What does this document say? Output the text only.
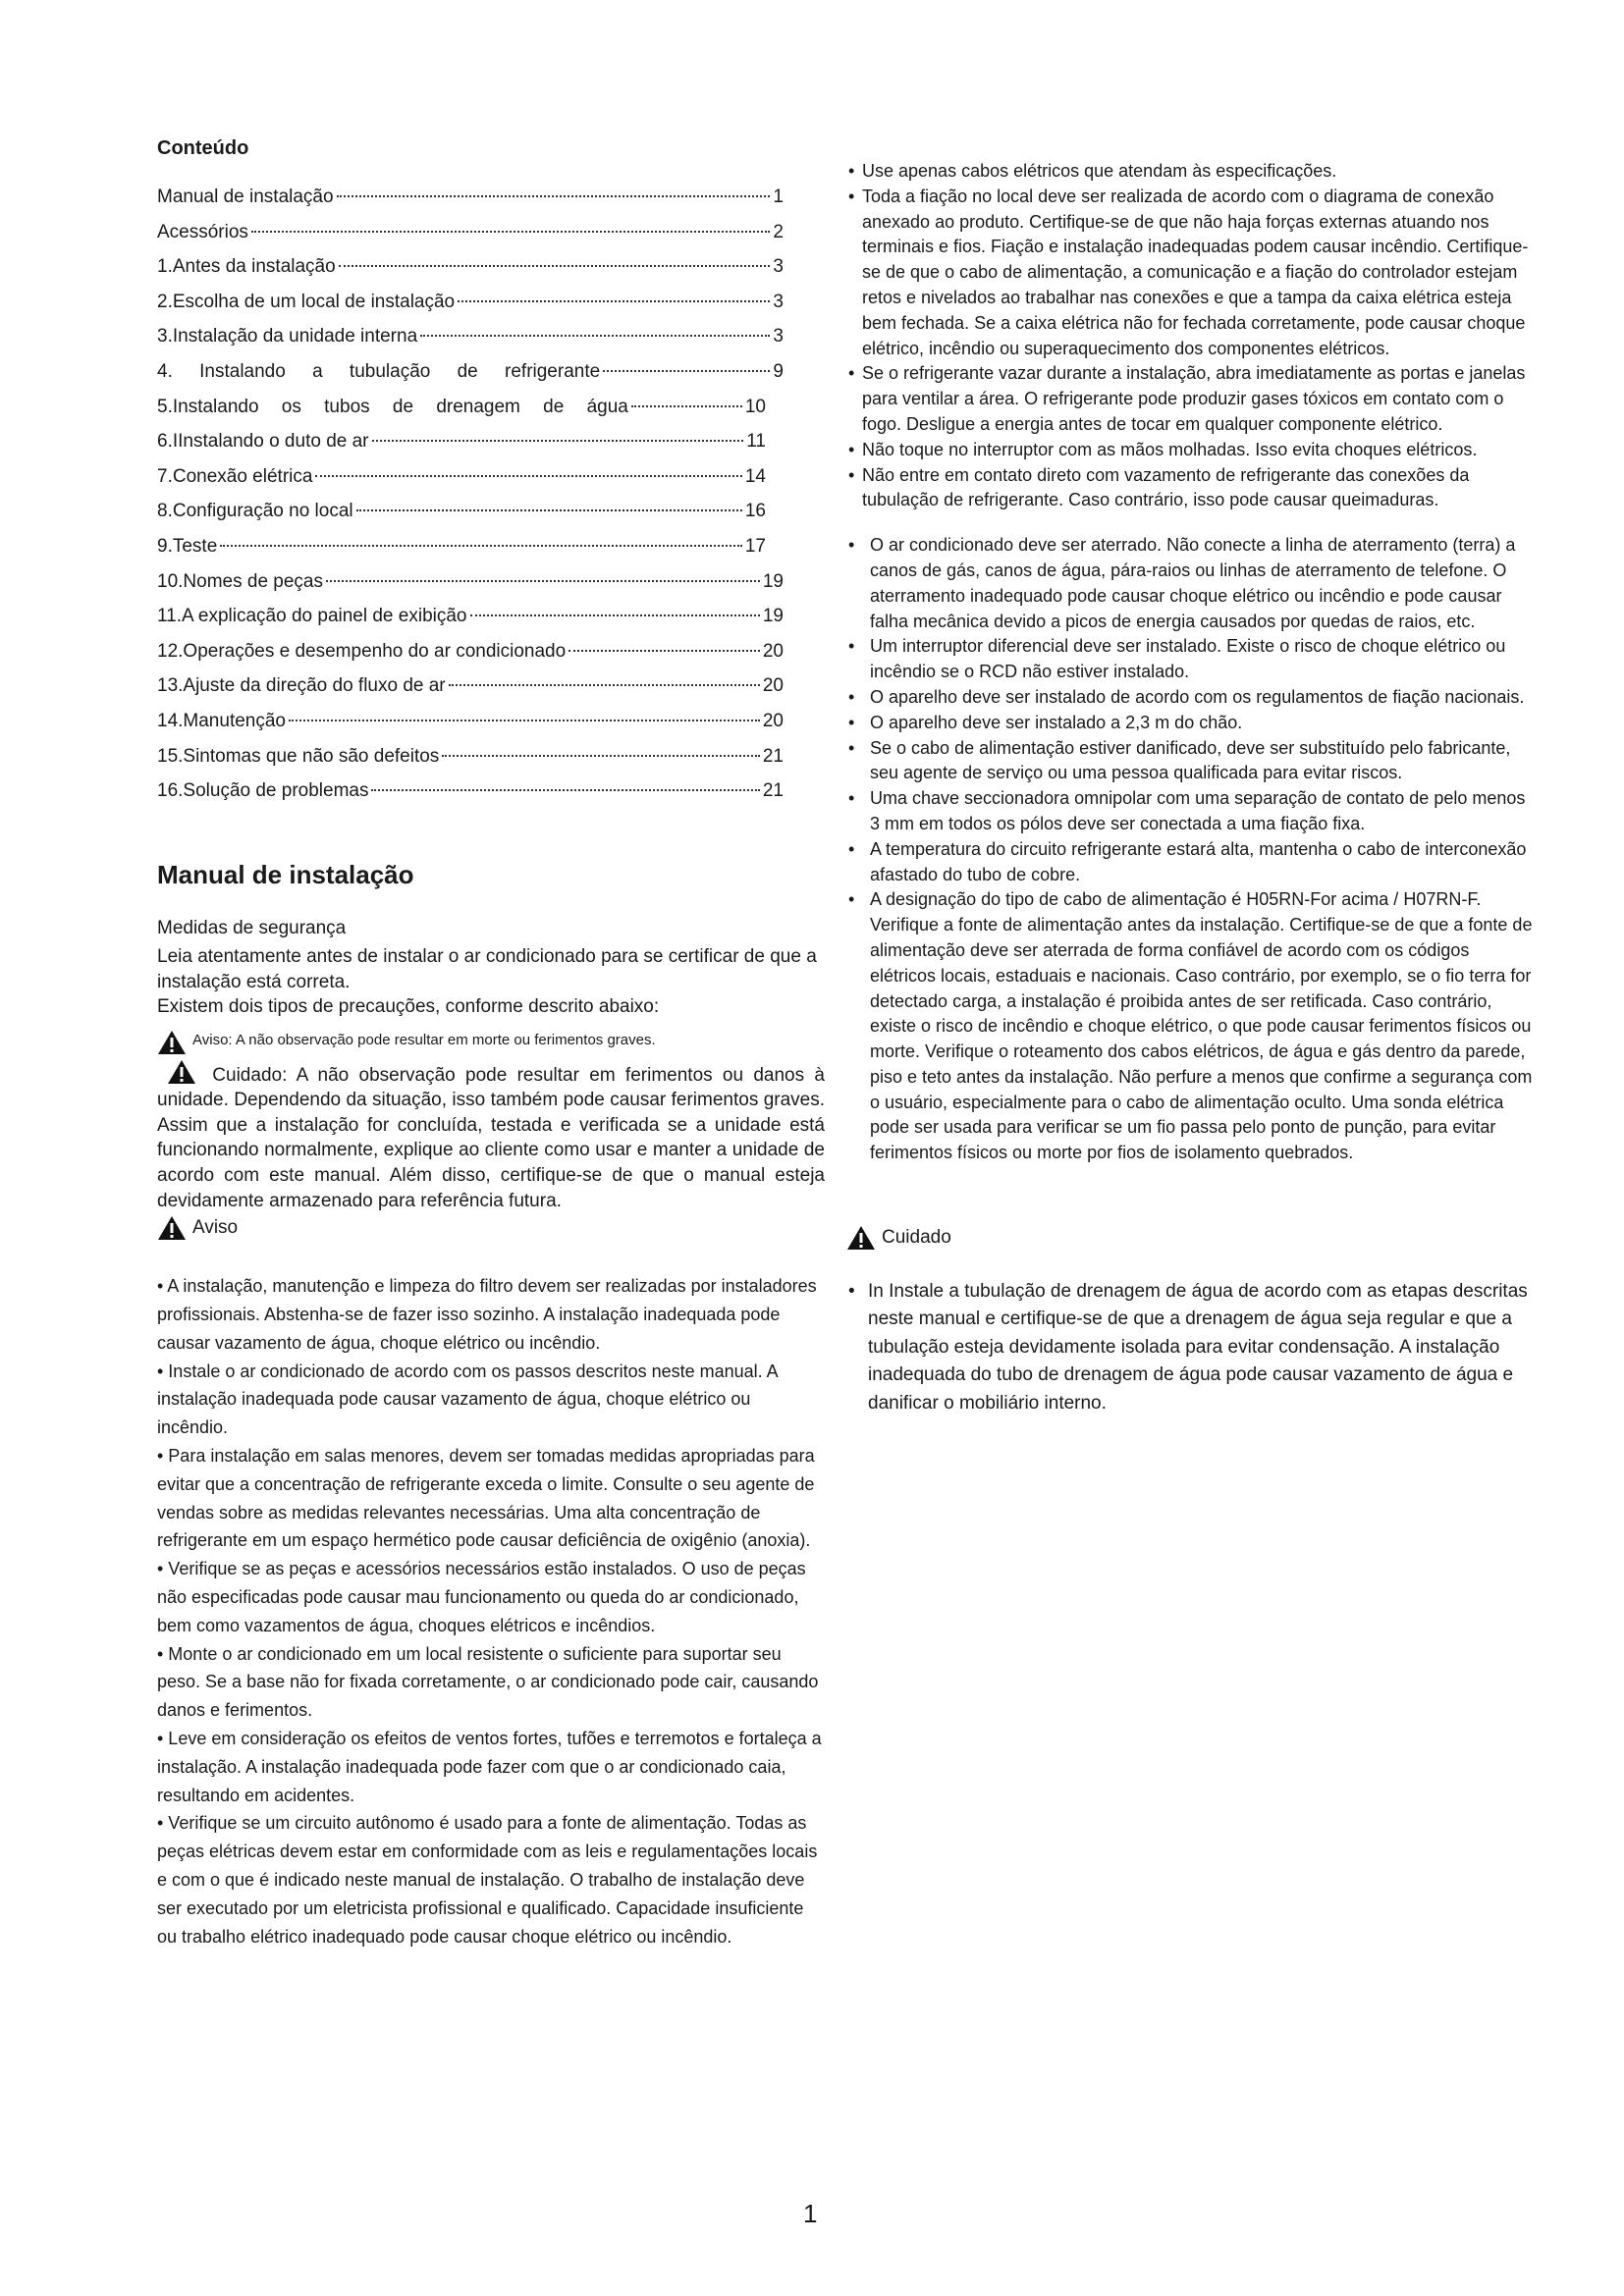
Conteúdo
Manual de instalação	1
Acessórios	2
1.Antes da instalação	3
2.Escolha de um local de instalação	3
3.Instalação da unidade interna	3
4. Instalando a tubulação de refrigerante	9
5.Instalando os tubos de drenagem de água	10
6.IInstalando o duto de ar	11
7.Conexão elétrica	14
8.Configuração no local	16
9.Teste	17
10.Nomes de peças	19
11.A explicação do painel de exibição	19
12.Operações e desempenho do ar condicionado	20
13.Ajuste da direção do fluxo de ar	20
14.Manutenção	20
15.Sintomas que não são defeitos	21
16.Solução de problemas	21
Manual de instalação

Medidas de segurança

Leia atentamente antes de instalar o ar condicionado para se certificar de que a instalação está correta.

Existem dois tipos de precauções, conforme descrito abaixo:

Aviso: A não observação pode resultar em morte ou ferimentos graves.
Cuidado: A não observação pode resultar em ferimentos ou danos à unidade. Dependendo da situação, isso também pode causar ferimentos graves. Assim que a instalação for concluída, testada e verificada se a unidade está funcionando normalmente, explique ao cliente como usar e manter a unidade de acordo com este manual. Além disso, certifique-se de que o manual esteja devidamente armazenado para referência futura.
Aviso

• A instalação, manutenção e limpeza do filtro devem ser realizadas por instaladores profissionais. Abstenha-se de fazer isso sozinho. A instalação inadequada pode causar vazamento de água, choque elétrico ou incêndio.

• Instale o ar condicionado de acordo com os passos descritos neste manual. A instalação inadequada pode causar vazamento de água, choque elétrico ou incêndio.

• Para instalação em salas menores, devem ser tomadas medidas apropriadas para evitar que a concentração de refrigerante exceda o limite. Consulte o seu agente de vendas sobre as medidas relevantes necessárias. Uma alta concentração de refrigerante em um espaço hermético pode causar deficiência de oxigênio (anoxia).

• Verifique se as peças e acessórios necessários estão instalados. O uso de peças não especificadas pode causar mau funcionamento ou queda do ar condicionado, bem como vazamentos de água, choques elétricos e incêndios.

• Monte o ar condicionado em um local resistente o suficiente para suportar seu peso. Se a base não for fixada corretamente, o ar condicionado pode cair, causando danos e ferimentos.

• Leve em consideração os efeitos de ventos fortes, tufões e terremotos e fortaleça a instalação. A instalação inadequada pode fazer com que o ar condicionado caia, resultando em acidentes.

• Verifique se um circuito autônomo é usado para a fonte de alimentação. Todas as peças elétricas devem estar em conformidade com as leis e regulamentações locais e com o que é indicado neste manual de instalação. O trabalho de instalação deve ser executado por um eletricista profissional e qualificado. Capacidade insuficiente ou trabalho elétrico inadequado pode causar choque elétrico ou incêndio.

• Use apenas cabos elétricos que atendam às especificações.
• Toda a fiação no local deve ser realizada de acordo com o diagrama de conexão anexado ao produto. Certifique-se de que não haja forças externas atuando nos terminais e fios. Fiação e instalação inadequadas podem causar incêndio. Certifique-se de que o cabo de alimentação, a comunicação e a fiação do controlador estejam retos e nivelados ao trabalhar nas conexões e que a tampa da caixa elétrica esteja bem fechada. Se a caixa elétrica não for fechada corretamente, pode causar choque elétrico, incêndio ou superaquecimento dos componentes elétricos.
• Se o refrigerante vazar durante a instalação, abra imediatamente as portas e janelas para ventilar a área. O refrigerante pode produzir gases tóxicos em contato com o fogo. Desligue a energia antes de tocar em qualquer componente elétrico.
• Não toque no interruptor com as mãos molhadas. Isso evita choques elétricos.
• Não entre em contato direto com vazamento de refrigerante das conexões da tubulação de refrigerante. Caso contrário, isso pode causar queimaduras.
• O ar condicionado deve ser aterrado. Não conecte a linha de aterramento (terra) a canos de gás, canos de água, pára-raios ou linhas de aterramento de telefone. O aterramento inadequado pode causar choque elétrico ou incêndio e pode causar falha mecânica devido a picos de energia causados por quedas de raios, etc.
• Um interruptor diferencial deve ser instalado. Existe o risco de choque elétrico ou incêndio se o RCD não estiver instalado.
• O aparelho deve ser instalado de acordo com os regulamentos de fiação nacionais.
• O aparelho deve ser instalado a 2,3 m do chão.
• Se o cabo de alimentação estiver danificado, deve ser substituído pelo fabricante, seu agente de serviço ou uma pessoa qualificada para evitar riscos.
• Uma chave seccionadora omnipolar com uma separação de contato de pelo menos 3 mm em todos os pólos deve ser conectada a uma fiação fixa.
• A temperatura do circuito refrigerante estará alta, mantenha o cabo de interconexão afastado do tubo de cobre.
• A designação do tipo de cabo de alimentação é H05RN-For acima / H07RN-F. Verifique a fonte de alimentação antes da instalação. Certifique-se de que a fonte de alimentação deve ser aterrada de forma confiável de acordo com os códigos elétricos locais, estaduais e nacionais. Caso contrário, por exemplo, se o fio terra for detectado carga, a instalação é proibida antes de ser retificada. Caso contrário, existe o risco de incêndio e choque elétrico, o que pode causar ferimentos físicos ou morte. Verifique o roteamento dos cabos elétricos, de água e gás dentro da parede, piso e teto antes da instalação. Não perfure a menos que confirme a segurança com o usuário, especialmente para o cabo de alimentação oculto. Uma sonda elétrica pode ser usada para verificar se um fio passa pelo ponto de punção, para evitar ferimentos físicos ou morte por fios de isolamento quebrados.
Cuidado
• In Instale a tubulação de drenagem de água de acordo com as etapas descritas neste manual e certifique-se de que a drenagem de água seja regular e que a tubulação esteja devidamente isolada para evitar condensação. A instalação inadequada do tubo de drenagem de água pode causar vazamento de água e danificar o mobiliário interno.
1
